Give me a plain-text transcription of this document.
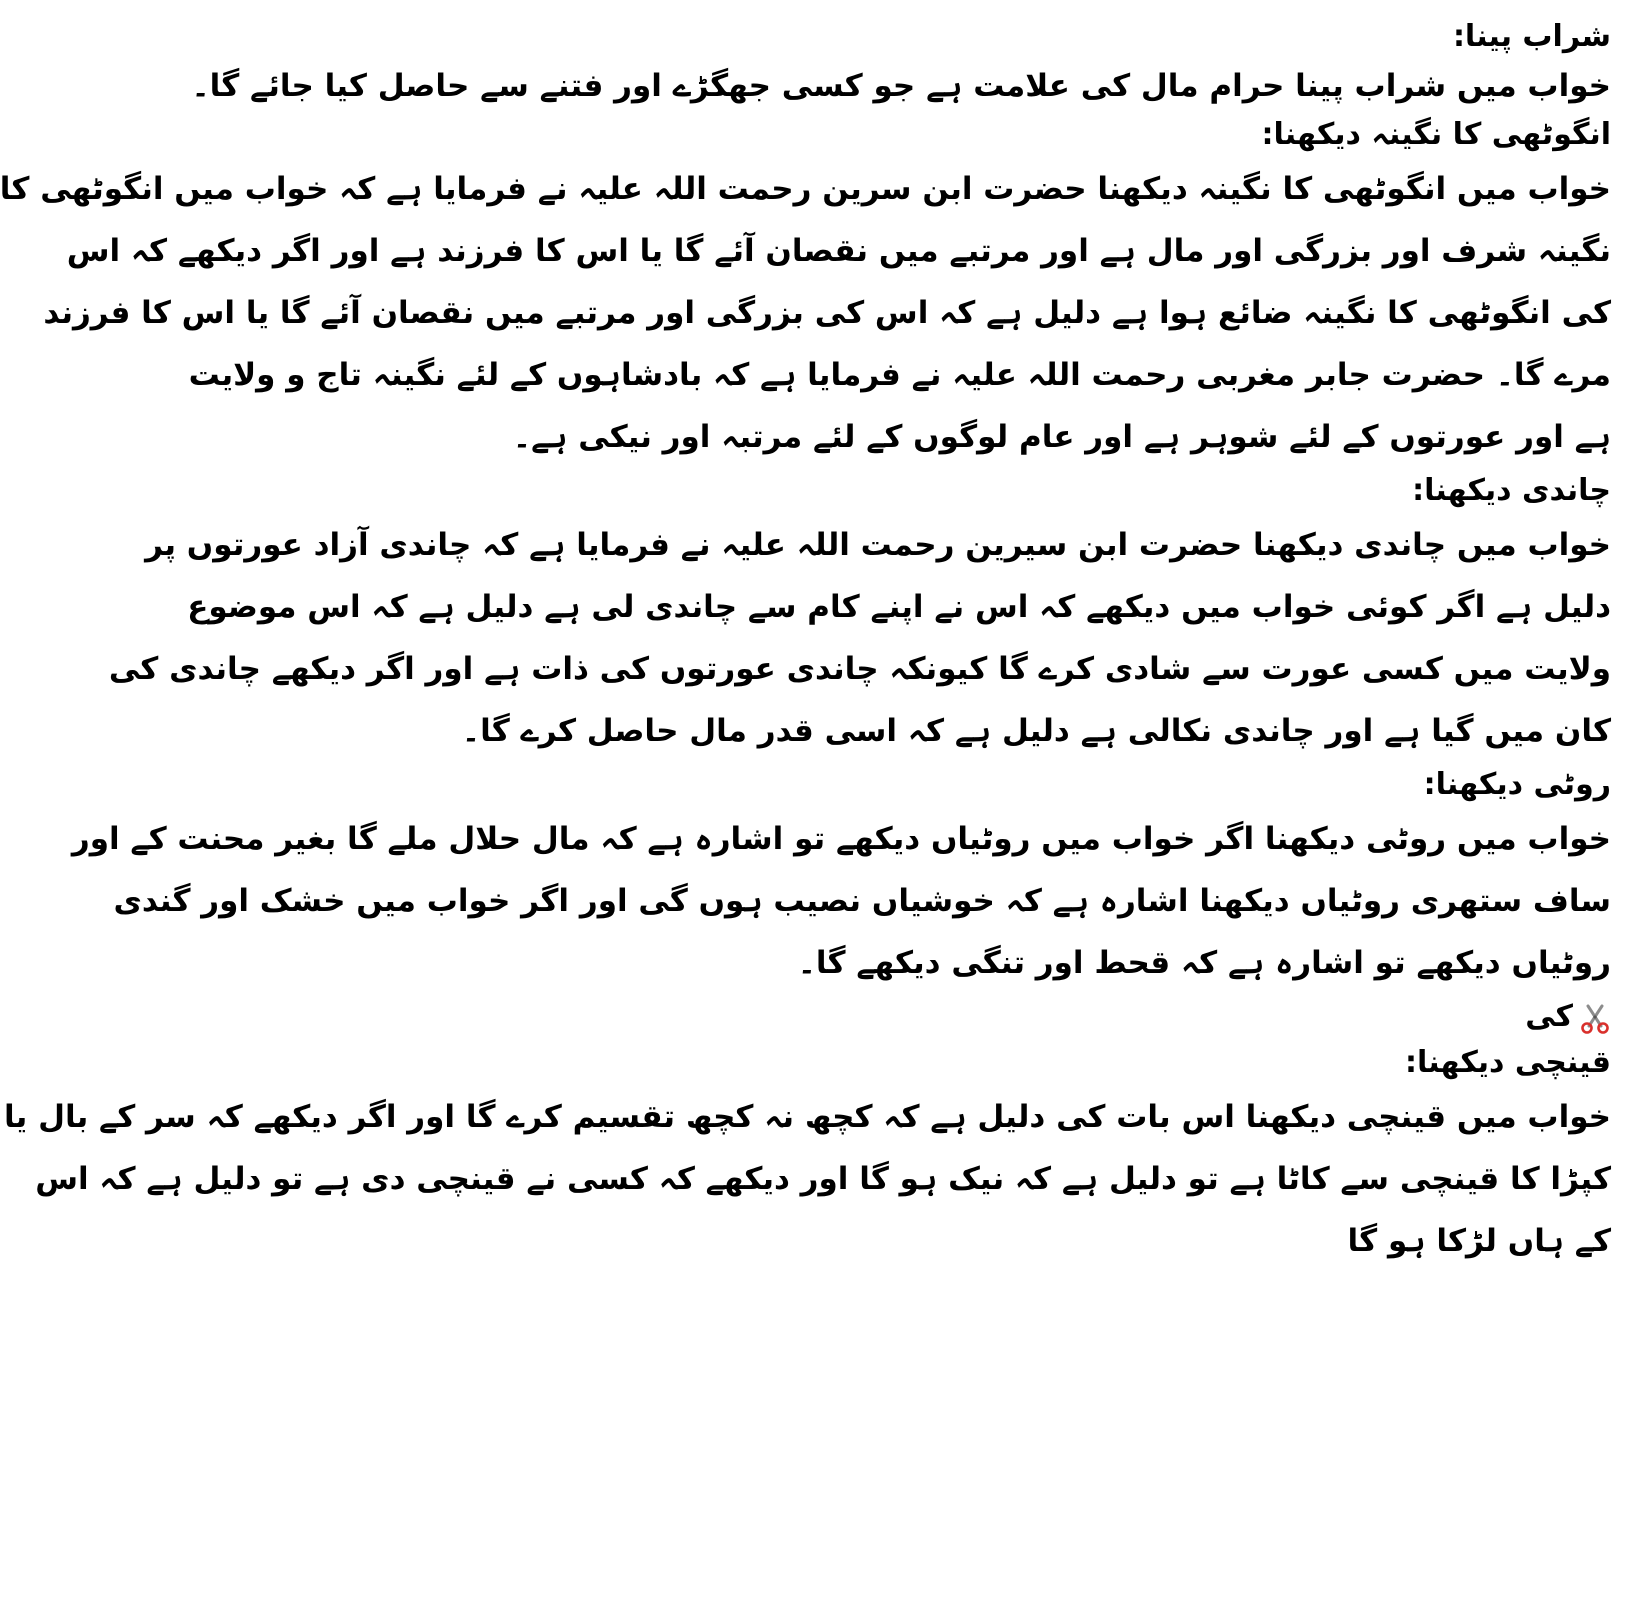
شراب پینا:
خواب میں شراب پینا حرام مال کی علامت ہے جو کسی جھگڑے اور فتنے سے حاصل کیا جائے گا۔
انگوٹھی کا نگینہ دیکھنا:
خواب میں انگوٹھی کا نگینہ دیکھنا حضرت ابن سرین رحمت اللہ علیہ نے فرمایا ہے کہ خواب میں انگوٹھی کا
نگینہ شرف اور بزرگی اور مال ہے اور مرتبے میں نقصان آئے گا یا اس کا فرزند ہے اور اگر دیکھے کہ اس
کی انگوٹھی کا نگینہ ضائع ہوا ہے دلیل ہے کہ اس کی بزرگی اور مرتبے میں نقصان آئے گا یا اس کا فرزند
مرے گا۔ حضرت جابر مغربی رحمت اللہ علیہ نے فرمایا ہے کہ بادشاہوں کے لئے نگینہ تاج و ولایت
ہے اور عورتوں کے لئے شوہر ہے اور عام لوگوں کے لئے مرتبہ اور نیکی ہے۔
چاندی دیکھنا:
خواب میں چاندی دیکھنا حضرت ابن سیرین رحمت اللہ علیہ نے فرمایا ہے کہ چاندی آزاد عورتوں پر
دلیل ہے اگر کوئی خواب میں دیکھے کہ اس نے اپنے کام سے چاندی لی ہے دلیل ہے کہ اس موضوع
ولایت میں کسی عورت سے شادی کرے گا کیونکہ چاندی عورتوں کی ذات ہے اور اگر دیکھے چاندی کی
کان میں گیا ہے اور چاندی نکالی ہے دلیل ہے کہ اسی قدر مال حاصل کرے گا۔
روٹی دیکھنا:
خواب میں روٹی دیکھنا اگر خواب میں روٹیاں دیکھے تو اشارہ ہے کہ مال حلال ملے گا بغیر محنت کے اور
ساف ستھری روٹیاں دیکھنا اشارہ ہے کہ خوشیاں نصیب ہوں گی اور اگر خواب میں خشک اور گندی
روٹیاں دیکھے تو اشارہ ہے کہ قحط اور تنگی دیکھے گا۔
کی
قینچی دیکھنا:
خواب میں قینچی دیکھنا اس بات کی دلیل ہے کہ کچھ نہ کچھ تقسیم کرے گا اور اگر دیکھے کہ سر کے بال یا
کپڑا کا قینچی سے کاٹا ہے تو دلیل ہے کہ نیک ہو گا اور دیکھے کہ کسی نے قینچی دی ہے تو دلیل ہے کہ اس
کے ہاں لڑکا ہو گا
